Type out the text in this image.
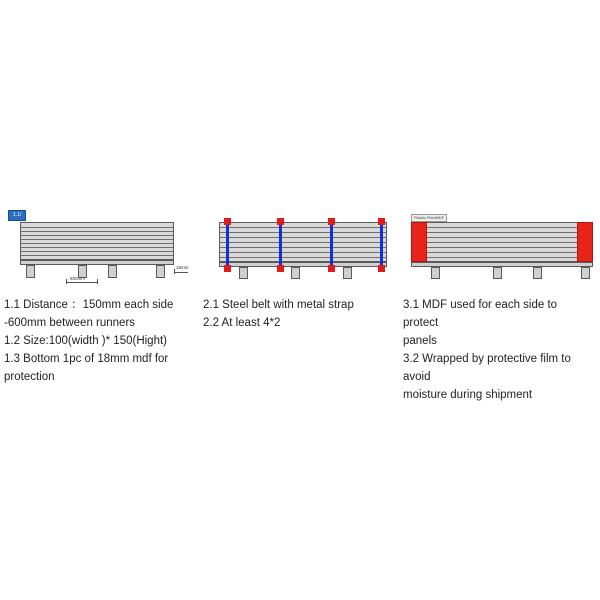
1.1/
600mm
18mm
Plastic Film/MDF

1.1 Distance ：150mm each side

-600mm between runners

1.2 Size:100(width )* 150(Hight)

1.3 Bottom 1pc of 18mm mdf for

protection

2.1 Steel belt with metal strap

2.2 At least 4*2

3.1 MDF used for each side to protect

panels

3.2 Wrapped by protective film to avoid

moisture during shipment
